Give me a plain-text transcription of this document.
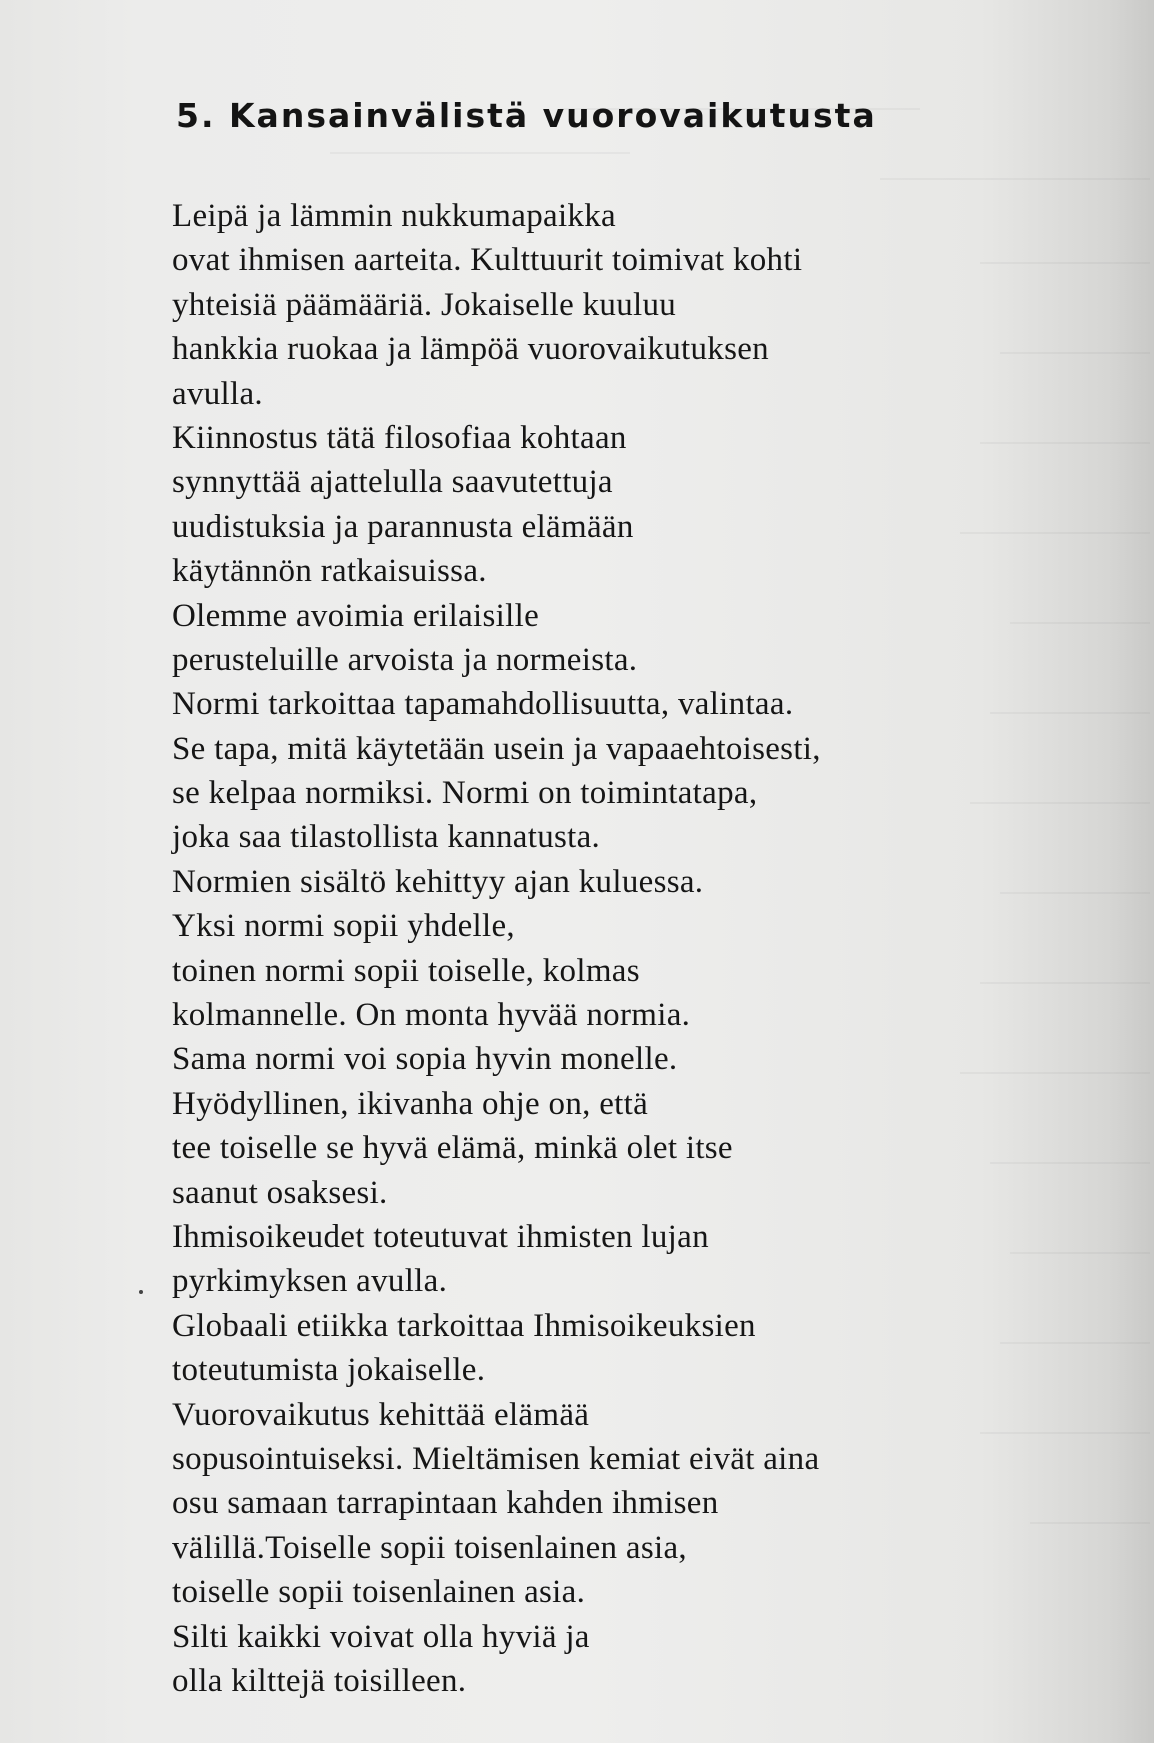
5. Kansainvälistä vuorovaikutusta
Leipä ja lämmin nukkumapaikka
ovat ihmisen aarteita. Kulttuurit toimivat kohti
yhteisiä päämääriä. Jokaiselle kuuluu
hankkia ruokaa ja lämpöä vuorovaikutuksen
avulla.
Kiinnostus tätä filosofiaa kohtaan
synnyttää ajattelulla saavutettuja
uudistuksia ja parannusta elämään
käytännön ratkaisuissa.
Olemme avoimia erilaisille
perusteluille arvoista ja normeista.
Normi tarkoittaa tapamahdollisuutta, valintaa.
Se tapa, mitä käytetään usein ja vapaaehtoisesti,
se kelpaa normiksi. Normi on toimintatapa,
joka saa tilastollista kannatusta.
Normien sisältö kehittyy ajan kuluessa.
Yksi normi sopii yhdelle,
toinen normi sopii toiselle, kolmas
kolmannelle. On monta hyvää normia.
Sama normi voi sopia hyvin monelle.
Hyödyllinen, ikivanha ohje on, että
tee toiselle se hyvä elämä, minkä olet itse
saanut osaksesi.
Ihmisoikeudet toteutuvat ihmisten lujan
pyrkimyksen avulla.
Globaali etiikka tarkoittaa Ihmisoikeuksien
toteutumista jokaiselle.
Vuorovaikutus kehittää elämää
sopusointuiseksi. Mieltämisen kemiat eivät aina
osu samaan tarrapintaan kahden ihmisen
välillä.Toiselle sopii toisenlainen asia,
toiselle sopii toisenlainen asia.
Silti kaikki voivat olla hyviä ja
olla kilttejä toisilleen.
